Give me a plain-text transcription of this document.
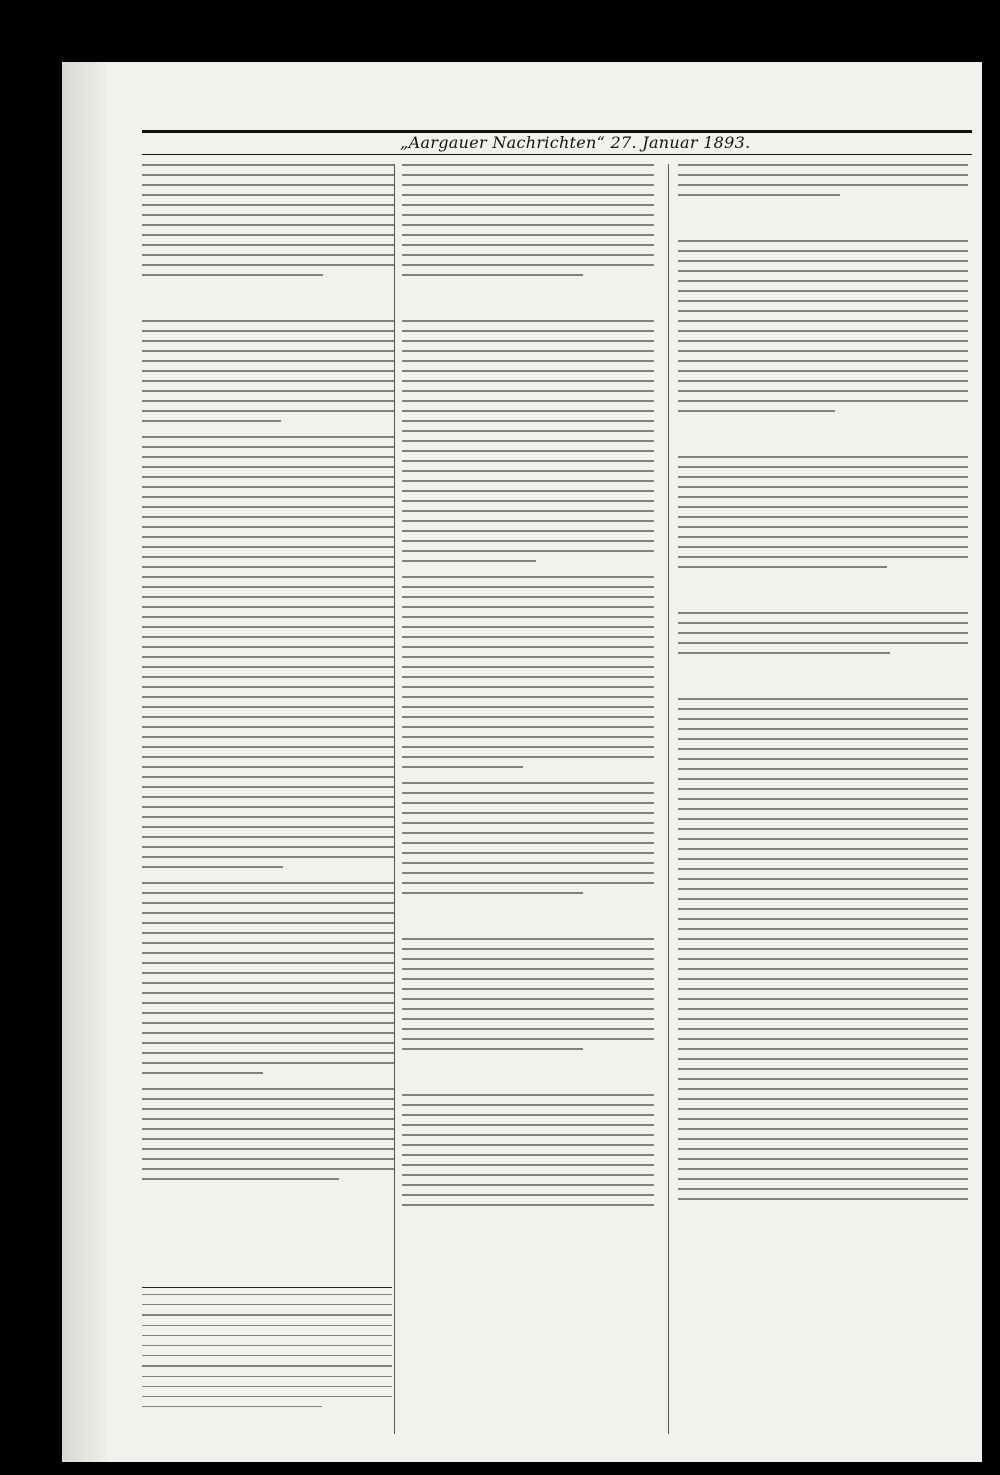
„Aargauer Nachrichten“ 27. Januar 1893.
